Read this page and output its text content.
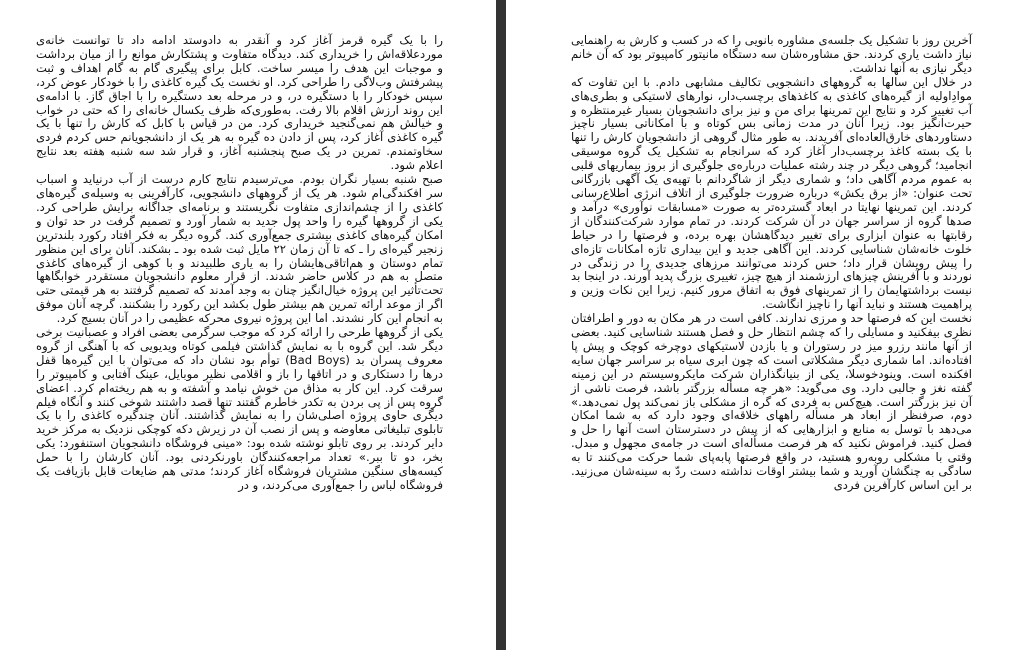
را با یک گیره قرمز آغاز کرد و آنقدر به دادوستد ادامه داد تا توانست خانه‌ی موردعلاقه‌اش را خریداری کند. دیدگاه متفاوت و پشتکارش موانع را از میان برداشت و موجبات این هدف را میسر ساخت. کابل برای پیگیری گام به گام اهداف و ثبت پیشرفتش وب‌لاگی را طراحی کرد. او نخست یک گیره کاغذی را با خودکار عوض کرد، سپس خودکار را با دستگیره در، و در مرحله بعد دستگیره را با اجاق گاز. با ادامه‌ی این روند ارزش اقلام بالا رفت. به‌طوری‌که ظرف یکسال خانه‌ای را که حتی در خواب و خیالش هم نمی‌گنجید خریداری کرد. من در قیاس با کابل که کارش را تنها با یک گیره کاغذی آغاز کرد، پس از دادن ده گیره به هر یک از دانشجویانم حس کردم فردی سخاوتمندم. تمرین در یک صبح پنجشنبه آغاز، و قرار شد سه شنبه هفته بعد نتایج اعلام شود.

صبح شنبه بسیار نگران بودم. می‌ترسیدم نتایج کارم درست از آب درنیاید و اسباب سر افکندگی‌ام شود. هر یک از گروههای دانشجویی، کارآفرینی به وسیله‌ی گیره‌های کاغذی را از چشم‌اندازی متفاوت نگریستند و برنامه‌ای جداگانه برایش طراحی کرد. یکی از گروهها گیره را واحد پول جدید به شمار آورد و تصمیم گرفت در حد توان و امکان گیره‌های کاغذی بیشتری جمع‌آوری کند. گروه دیگر به فکر افتاد رکورد بلندترین زنجیر گیره‌ای را ـ که تا آن زمان ۲۲ مایل ثبت شده بود ـ بشکند. آنان برای این منظور تمام دوستان و هم‌اتاقی‌هایشان را به یاری طلبیدند و با کوهی از گیره‌های کاغذی متصل به هم در کلاس حاضر شدند. از قرار معلوم دانشجویان مستقردر خوابگاهها تحت‌تأثیر این پروژه خیال‌انگیز چنان به وجد آمدند که تصمیم گرفتند به هر قیمتی حتی اگر از موعد ارائه تمرین هم بیشتر طول بکشد این رکورد را بشکنند. گرچه آنان موفق به انجام این کار نشدند. اما این پروژه نیروی محرکه عظیمی را در آنان بسیج کرد.

یکی از گروهها طرحی را ارائه کرد که موجب سرگرمی بعضی افراد و عصبانیت برخی دیگر شد. این گروه با به نمایش گذاشتن فیلمی کوتاه ویدیویی که با آهنگی از گروه معروف پسران بد (Bad Boys) توأم بود نشان داد که می‌توان با این گیره‌ها قفل درها را دستکاری و در اتاقها را باز و اقلامی نظیر موبایل، عینک آفتابی و کامپیوتر را سرقت کرد. این کار به مذاق من خوش نیامد و آشفته و به هم ریخته‌ام کرد. اعضای گروه پس از پی بردن به تکدر خاطرم گفتند تنها قصد داشتند شوخی کنند و آنگاه فیلم دیگری حاوی پروژه اصلی‌شان را به نمایش گذاشتند. آنان چندگیره کاغذی را با یک تابلوی تبلیغاتی معاوضه و پس از نصب آن در زیرش دکه کوچکی نزدیک به مرکز خرید دایر کردند. بر روی تابلو نوشته شده بود: «مینی فروشگاه دانشجویان استنفورد: یکی بخر، دو تا ببر.» تعداد مراجعه‌کنندگان باورنکردنی بود. آنان کارشان را با حمل کیسه‌های سنگین مشتریان فروشگاه آغاز کردند؛ مدتی هم ضایعات قابل بازیافت یک فروشگاه لباس را جمع‌آوری می‌کردند، و در

آخرین روز با تشکیل یک جلسه‌ی مشاوره بانویی را که در کسب و کارش به راهنمایی نیاز داشت یاری کردند. حق مشاوره‌شان سه دستگاه مانیتور کامپیوتر بود که آن خانم دیگر نیازی به آنها نداشت.

در خلال این سالها به گروههای دانشجویی تکالیف مشابهی دادم. با این تفاوت که موادِاولیه از گیره‌های کاغذی به کاغذهای برچسب‌دار، نوارهای لاستیکی و بطری‌های آب تغییر کرد و نتایج این تمرینها برای من و نیز برای دانشجویان بسیار غیرمنتظره و حیرت‌انگیز بود. زیرا آنان در مدت زمانی بس کوتاه و با امکاناتی بسیار ناچیز دستاوردهای خارق‌العاده‌ای آفریدند. به طور مثال گروهی از دانشجویان کارش را تنها با یک بسته کاغذ برچسب‌دار آغاز کرد که سرانجام به تشکیل یک گروه موسیقی انجامید؛ گروهی دیگر در چند رشته عملیات درباره‌ی جلوگیری از بروز بیماریهای قلبی به عموم مردم آگاهی داد؛ و شماری دیگر از شاگردانم با تهیه‌ی یک آگهی بازرگانی تحت عنوان: «از برق یکش» درباره ضرورت جلوگیری از اتلاف انرژی اطلاع‌رسانی کردند. این تمرینها نهایتا در ابعاد گسترده‌تر به صورت «مسابقات نوآوری» درآمد و صدها گروه از سراسر جهان در آن شرکت کردند. در تمام موارد شرکت‌کنندگان از رقابتها به عنوان ابزاری برای تغییر دیدگاهشان بهره برده، و فرصتها را در حیاط خلوت خانه‌شان شناسایی کردند. این آگاهی جدید و این بیداری تازه امکانات تازه‌ای را پیش رویشان قرار داد؛ حس کردند می‌توانند مرزهای جدیدی را در زندگی در نوردند و با آفرینش چیزهای ارزشمند از هیچ چیز، تغییری بزرگ پدید آورند. در اینجا بد نیست برداشتهایمان را از تمرینهای فوق به اتفاق مرور کنیم. زیرا این نکات وزین و پراهمیت هستند و نباید آنها را ناچیز انگاشت.

نخست این که فرصتها حد و مرزی ندارند. کافی است در هر مکان به دور و اطرافتان نظری بیفکنید و مسایلی را که چشم انتظار حل و فصل هستند شناسایی کنید. بعضی از آنها مانند رزرو میز در رستوران و یا بازدن لاستیکهای دوچرخه کوچک و پیش پا افتاده‌اند. اما شماری دیگر مشکلاتی است که چون ابری سیاه بر سراسر جهان سایه افکنده است. وینودخوسلا، یکی از بنیانگذاران شرکت مایکروسیستم در این زمینه گفته نغز و جالبی دارد. وی می‌گوید: «هر چه مسأله بزرگتر باشد، فرصت ناشی از آن نیز بزرگتر است. هیچ‌کس به فردی که گره از مشکلی باز نمی‌کند پول نمی‌دهد.» دوم، صرفنظر از ابعاد هر مسأله راههای خلاقه‌ای وجود دارد که به شما امکان می‌دهد با توسل به منابع و ابزارهایی که از پیش در دسترستان است آنها را حل و فصل کنید. فراموش نکنید که هر فرصت مسأله‌ای است در جامه‌ی مجهول و مبدل. وقتی با مشکلی روبه‌رو هستید، در واقع فرصتها پابه‌پای شما حرکت می‌کنند تا به سادگی به چنگشان آورید و شما بیشتر اوقات نداشته دست ردّ به سینه‌شان می‌زنید. بر این اساس کارآفرین فردی
